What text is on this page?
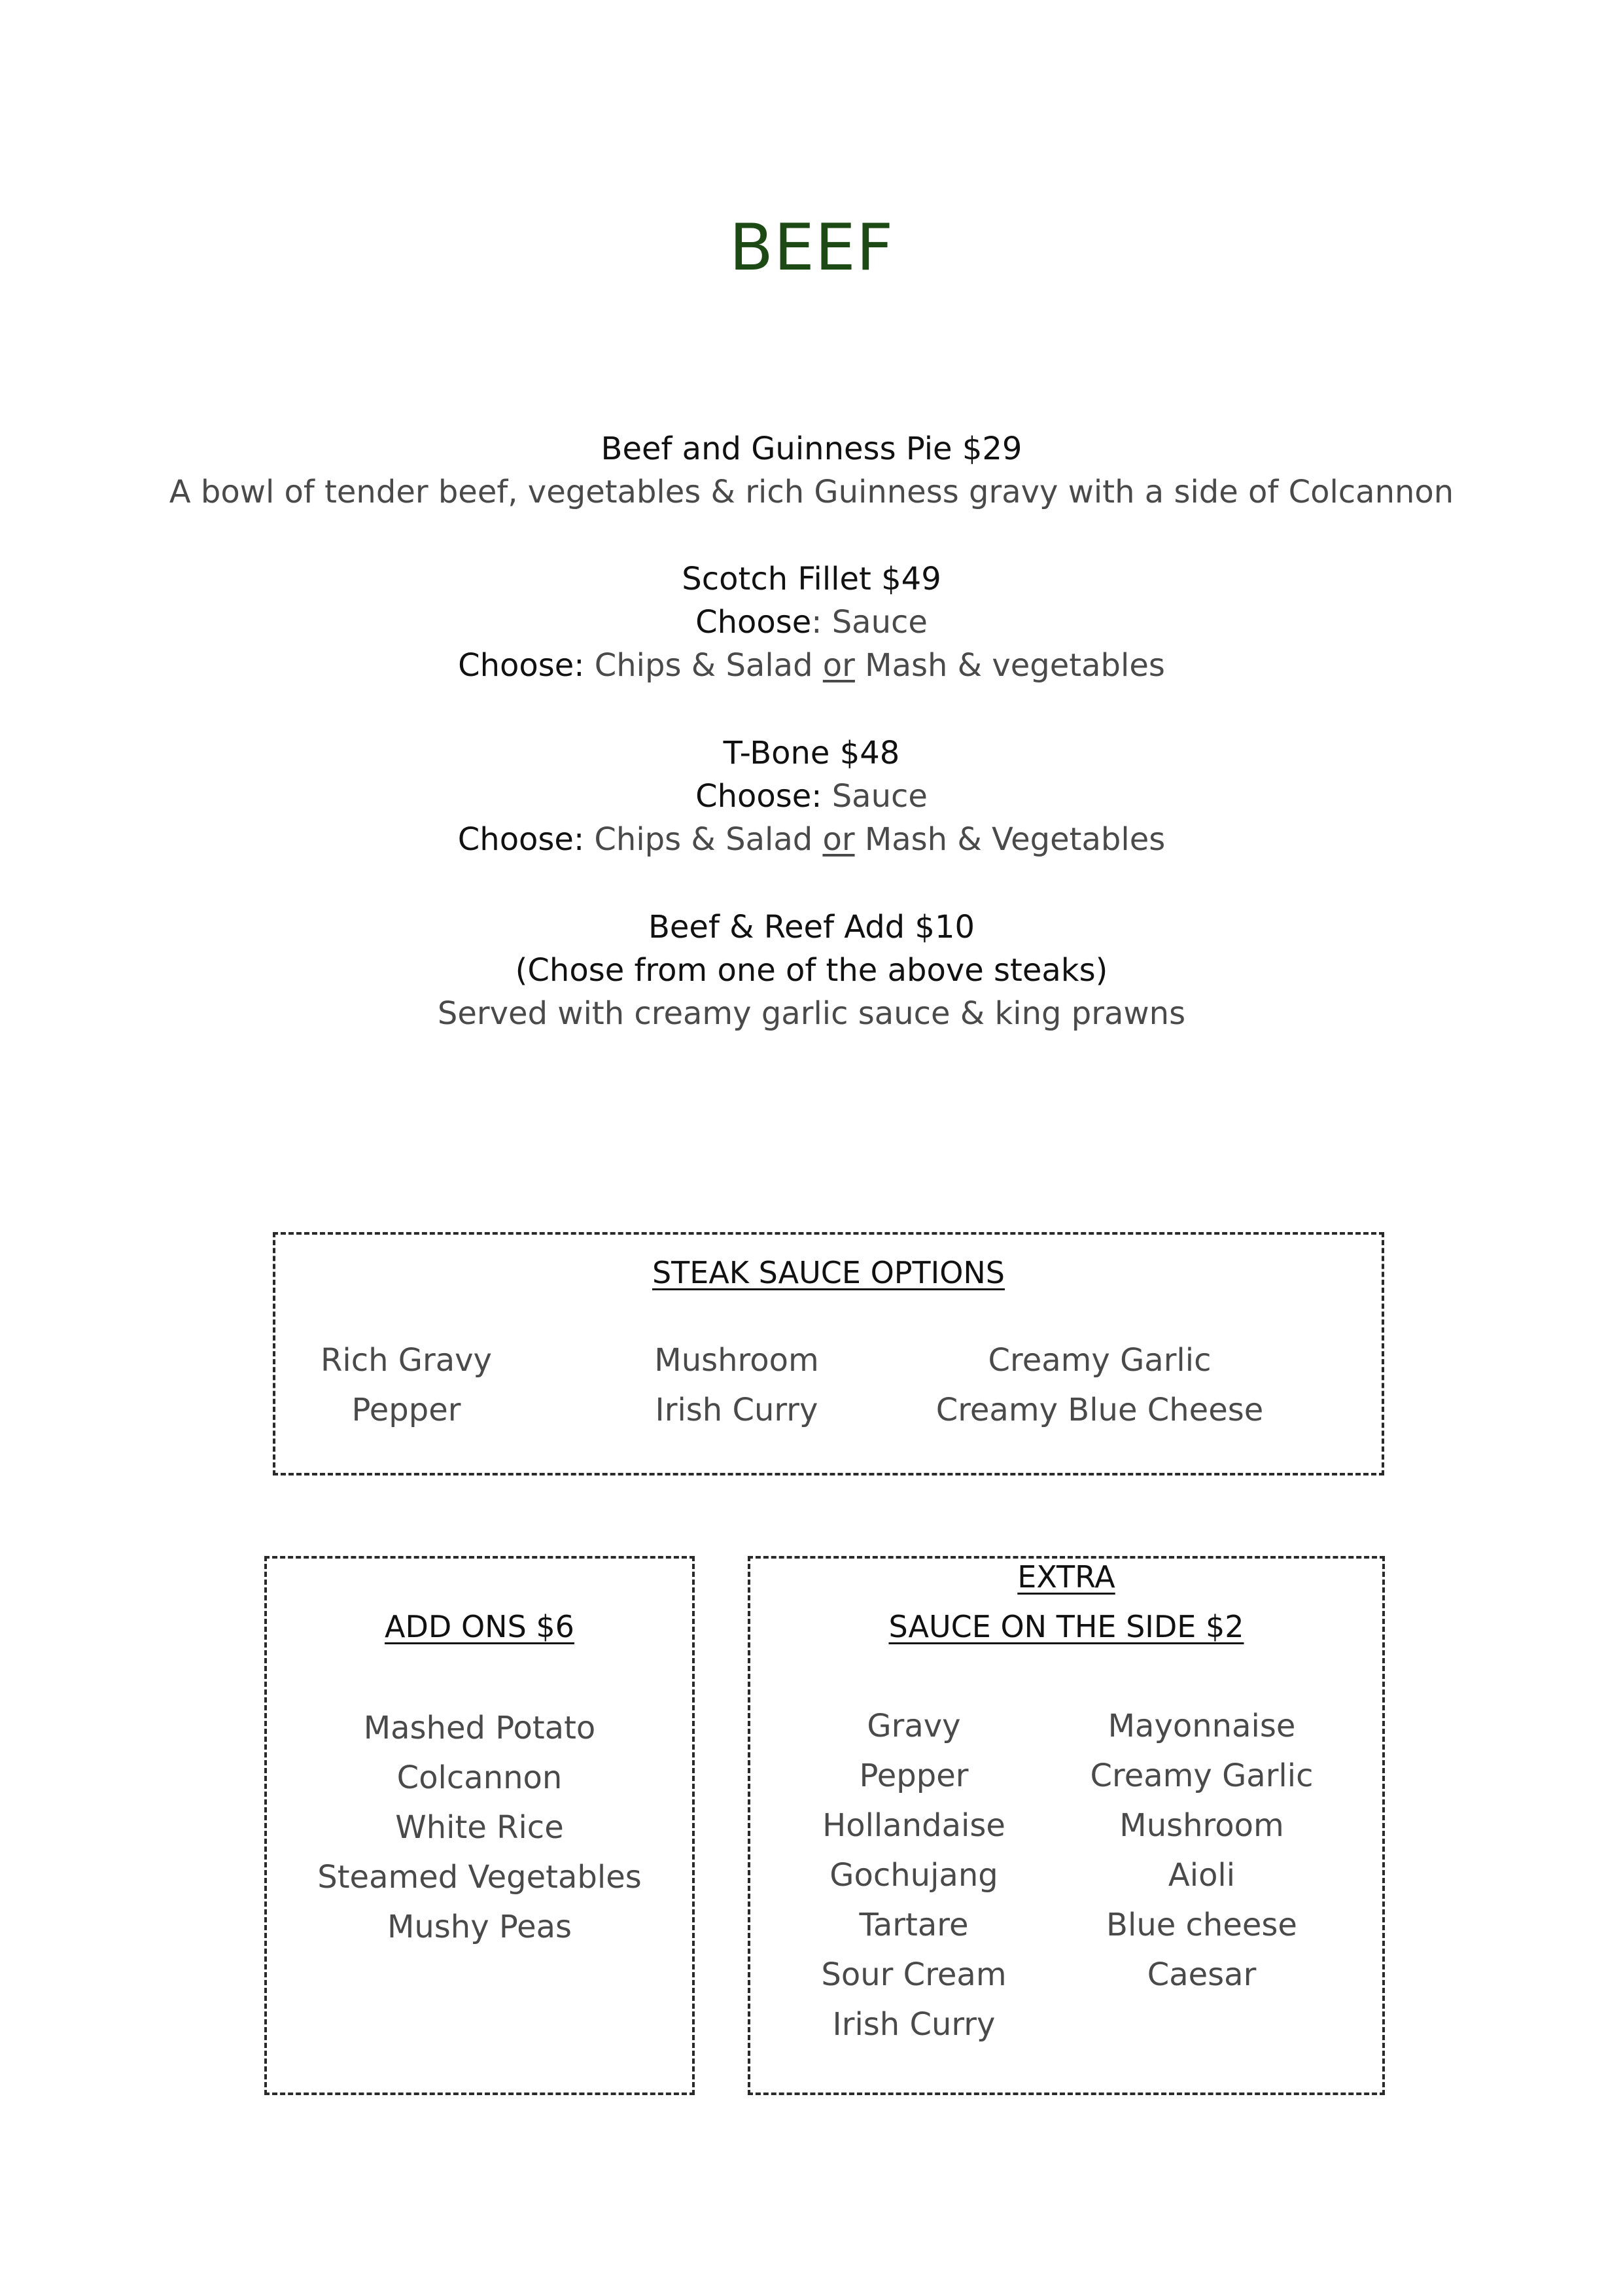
BEEF
Beef and Guinness Pie $29
A bowl of tender beef, vegetables & rich Guinness gravy with a side of Colcannon
Scotch Fillet $49
Choose: Sauce
Choose: Chips & Salad or Mash & vegetables
T-Bone $48
Choose: Sauce
Choose: Chips & Salad or Mash & Vegetables
Beef & Reef Add $10
(Chose from one of the above steaks)
Served with creamy garlic sauce & king prawns
STEAK SAUCE OPTIONS
Rich Gravy
Pepper
Mushroom
Irish Curry
Creamy Garlic
Creamy Blue Cheese
ADD ONS $6
Mashed Potato
Colcannon
White Rice
Steamed Vegetables
Mushy Peas
EXTRA
SAUCE ON THE SIDE $2
Gravy
Pepper
Hollandaise
Gochujang
Tartare
Sour Cream
Irish Curry
Mayonnaise
Creamy Garlic
Mushroom
Aioli
Blue cheese
Caesar
